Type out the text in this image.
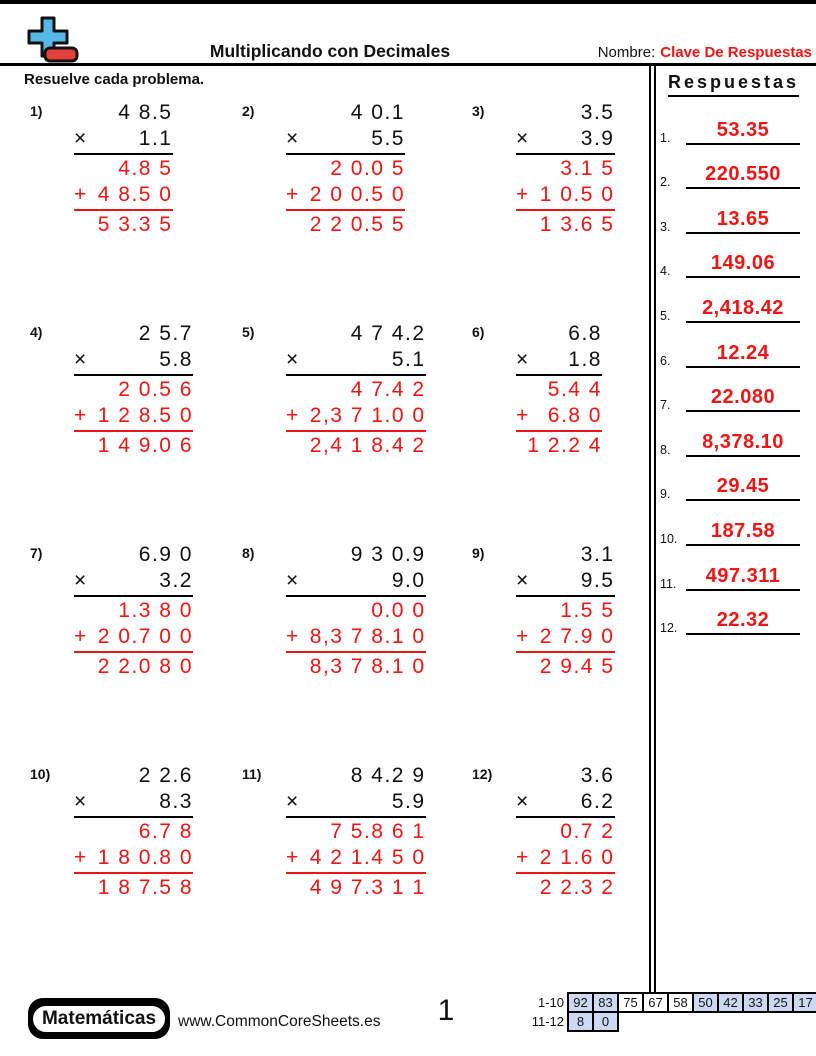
Multiplicando con Decimales	Nombre: Clave De Respuestas
Resuelve cada problema.
1)	4 8.5
× 1.1
4.8 5
+ 4 8.5 0
5 3.3 5
2)	4 0.1
×	5.5
2 0.0 5
+ 2 0 0.5 0
2 2 0.5 5
3)	3.5
× 3.9
3.1 5
+ 1 0.5 0
1 3.6 5
4)	2 5.7
×	5.8
2 0.5 6
+ 1 2 8.5 0
1 4 9.0 6
5)	4 7 4.2
×	5.1
4 7.4 2
+ 2,3 7 1.0 0
2,4 1 8.4 2
6)	6.8
× 1.8
5.4 4
+ 6.8 0
1 2.2 4
7)	6.9 0
×	3.2
1.3 8 0
+ 2 0.7 0 0
2 2.0 8 0
8)	9 3 0.9
×	9.0
0.0 0
+ 8,3 7 8.1 0
8,3 7 8.1 0
9)	3.1
× 9.5
1.5 5
+ 2 7.9 0
2 9.4 5
10)	2 2.6
×	8.3
6.7 8
+ 1 8 0.8 0
1 8 7.5 8
11)	8 4.2 9
×	5.9
7 5.8 6 1
+ 4 2 1.4 5 0
4 9 7.3 1 1
12)	3.6
× 6.2
0.7 2
+ 2 1.6 0
2 2.3 2
Respuestas
1. 53.35
2. 220.550
3. 13.65
4. 149.06
5. 2,418.42
6. 12.24
7. 22.080
8. 8,378.10
9. 29.45
10. 187.58
11. 497.311
12. 22.32
Matemáticas	www.CommonCoreSheets.es	1	1-10 92 83 75 67 58 50 42 33 25 17
11-12 8	0
